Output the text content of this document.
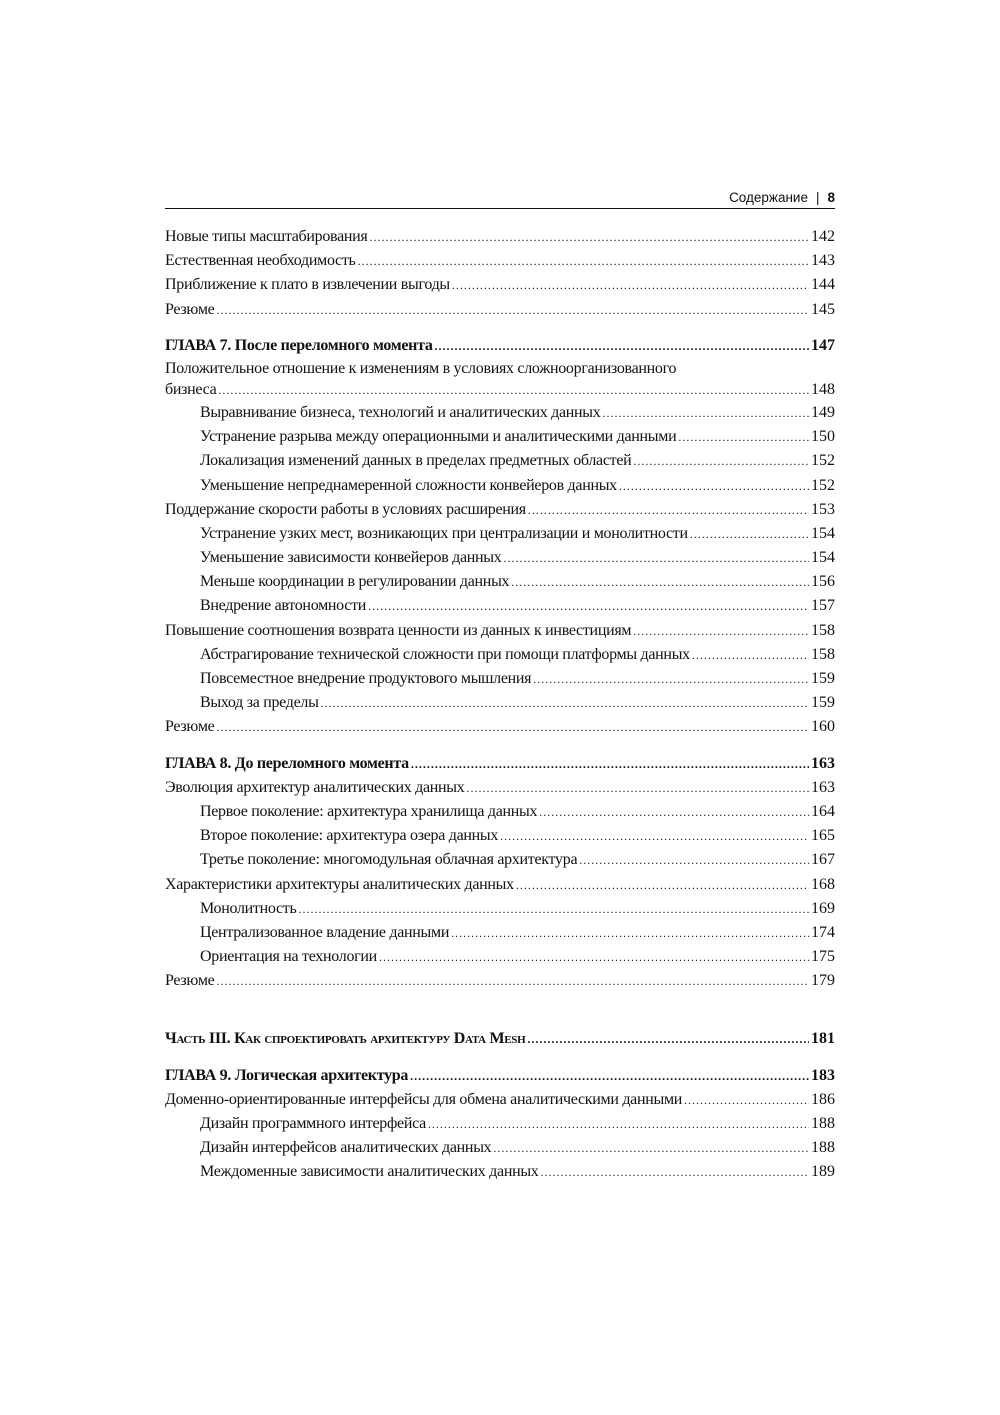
Содержание | 8
Новые типы масштабирования .....	142
Естественная необходимость .....	143
Приближение к плато в извлечении выгоды .....	144
Резюме .....	145
ГЛАВА 7. После переломного момента .....	147
Положительное отношение к изменениям в условиях сложноорганизованного
бизнеса .....	148
Выравнивание бизнеса, технологий и аналитических данных .....	149
Устранение разрыва между операционными и аналитическими данными .....	150
Локализация изменений данных в пределах предметных областей .....	152
Уменьшение непреднамеренной сложности конвейеров данных .....	152
Поддержание скорости работы в условиях расширения .....	153
Устранение узких мест, возникающих при централизации и монолитности .....	154
Уменьшение зависимости конвейеров данных .....	154
Меньше координации в регулировании данных .....	156
Внедрение автономности .....	157
Повышение соотношения возврата ценности из данных к инвестициям .....	158
Абстрагирование технической сложности при помощи платформы данных .....	158
Повсеместное внедрение продуктового мышления .....	159
Выход за пределы .....	159
Резюме .....	160
ГЛАВА 8. До переломного момента .....	163
Эволюция архитектур аналитических данных .....	163
Первое поколение: архитектура хранилища данных .....	164
Второе поколение: архитектура озера данных .....	165
Третье поколение: многомодульная облачная архитектура .....	167
Характеристики архитектуры аналитических данных .....	168
Монолитность .....	169
Централизованное владение данными .....	174
Ориентация на технологии .....	175
Резюме .....	179
Часть III. Как спроектировать архитектуру Data Mesh .....	181
ГЛАВА 9. Логическая архитектура .....	183
Доменно-ориентированные интерфейсы для обмена аналитическими данными .....	186
Дизайн программного интерфейса .....	188
Дизайн интерфейсов аналитических данных .....	188
Междоменные зависимости аналитических данных .....	189
